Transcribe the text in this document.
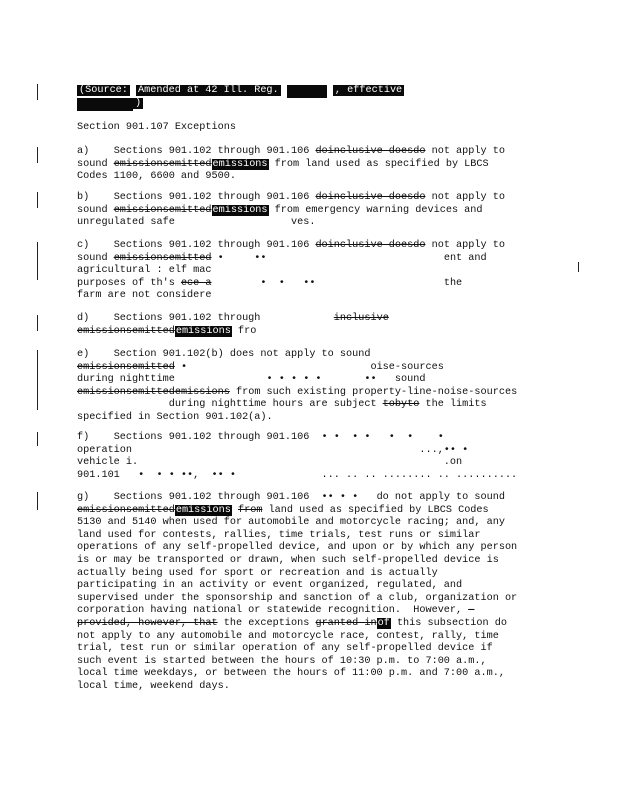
(Source: Amended at 42 Ill. Reg.	, effective
)
Section 901.107 Exceptions
a)    Sections 901.102 through 901.106 doinclusive doesdo not apply to
sound emissionsemittedemissions from land used as specified by LBCS
Codes 1100, 6600 and 9500.
b)    Sections 901.102 through 901.106 doinclusive doesdo not apply to
sound emissionsemittedemissions from emergency warning devices and
unregulated safe                   ves.
c)    Sections 901.102 through 901.106 doinclusive doesdo not apply to
sound emissionsemitted •     ••                             ent and
agricultural : elf mac
purposes of th's ece a        •  •   ••                     the
farm are not considere
d)    Sections 901.102 through            inclusive
emissionsemittedemissions fro
e)    Section 901.102(b) does not apply to sound
emissionsemitted •                              oise-sources
during nighttime               • • • • •       ••   sound
emissionsemittedemissions from such existing property-line-noise-sources
during nighttime hours are subject tobyto the limits
specified in Section 901.102(a).
f)    Sections 901.102 through 901.106  • •  • •   •  •    •
operation                                               ...,•• •
vehicle i.                                                  .on
901.101   •  • • ••,  •• •              ... .. .. ........ .. ..........
g)    Sections 901.102 through 901.106  •• • •   do not apply to sound
emissionsemittedemissions from land used as specified by LBCS Codes
5130 and 5140 when used for automobile and motorcycle racing; and, any
land used for contests, rallies, time trials, test runs or similar
operations of any self-propelled device, and upon or by which any person
is or may be transported or drawn, when such self-propelled device is
actually being used for sport or recreation and is actually
participating in an activity or event organized, regulated, and
supervised under the sponsorship and sanction of a club, organization or
corporation having national or statewide recognition.  However, —
provided, however, that the exceptions granted inof this subsection do
not apply to any automobile and motorcycle race, contest, rally, time
trial, test run or similar operation of any self-propelled device if
such event is started between the hours of 10:30 p.m. to 7:00 a.m.,
local time weekdays, or between the hours of 11:00 p.m. and 7:00 a.m.,
local time, weekend days.
